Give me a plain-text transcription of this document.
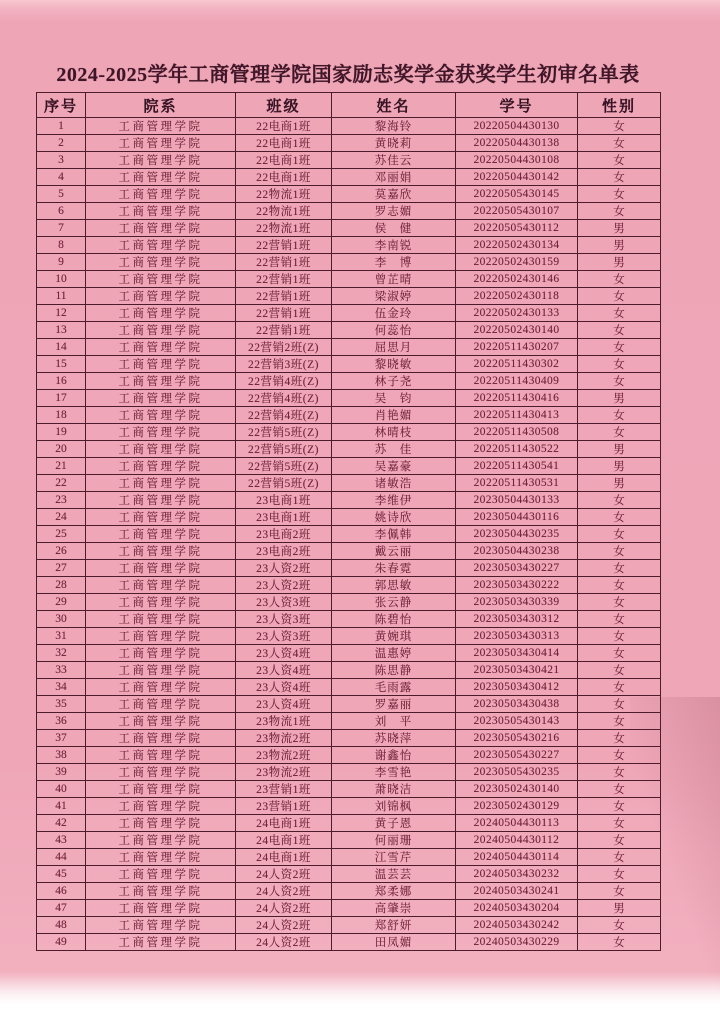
2024-2025学年工商管理学院国家励志奖学金获奖学生初审名单表
序号	院系	班级	姓名	学号	性别
1	工商管理学院	22电商1班	黎海铃	20220504430130	女
2	工商管理学院	22电商1班	黄晓莉	20220504430138	女
3	工商管理学院	22电商1班	苏佳云	20220504430108	女
4	工商管理学院	22电商1班	邓丽娟	20220504430142	女
5	工商管理学院	22物流1班	莫嘉欣	20220505430145	女
6	工商管理学院	22物流1班	罗志媚	20220505430107	女
7	工商管理学院	22物流1班	侯　健	20220505430112	男
8	工商管理学院	22营销1班	李南锐	20220502430134	男
9	工商管理学院	22营销1班	李　博	20220502430159	男
10	工商管理学院	22营销1班	曾芷晴	20220502430146	女
11	工商管理学院	22营销1班	梁淑婷	20220502430118	女
12	工商管理学院	22营销1班	伍金玲	20220502430133	女
13	工商管理学院	22营销1班	何蕊怡	20220502430140	女
14	工商管理学院	22营销2班(Z)	屈思月	20220511430207	女
15	工商管理学院	22营销3班(Z)	黎晓敏	20220511430302	女
16	工商管理学院	22营销4班(Z)	林子尧	20220511430409	女
17	工商管理学院	22营销4班(Z)	吴　钧	20220511430416	男
18	工商管理学院	22营销4班(Z)	肖艳媚	20220511430413	女
19	工商管理学院	22营销5班(Z)	林晴枝	20220511430508	女
20	工商管理学院	22营销5班(Z)	苏　佳	20220511430522	男
21	工商管理学院	22营销5班(Z)	吴嘉豪	20220511430541	男
22	工商管理学院	22营销5班(Z)	诸敏浩	20220511430531	男
23	工商管理学院	23电商1班	李维伊	20230504430133	女
24	工商管理学院	23电商1班	姚诗欣	20230504430116	女
25	工商管理学院	23电商2班	李佩韩	20230504430235	女
26	工商管理学院	23电商2班	戴云丽	20230504430238	女
27	工商管理学院	23人资2班	朱春霓	20230503430227	女
28	工商管理学院	23人资2班	郭思敏	20230503430222	女
29	工商管理学院	23人资3班	张云静	20230503430339	女
30	工商管理学院	23人资3班	陈碧怡	20230503430312	女
31	工商管理学院	23人资3班	黄婉琪	20230503430313	女
32	工商管理学院	23人资4班	温惠婷	20230503430414	女
33	工商管理学院	23人资4班	陈思静	20230503430421	女
34	工商管理学院	23人资4班	毛雨露	20230503430412	女
35	工商管理学院	23人资4班	罗嘉丽	20230503430438	女
36	工商管理学院	23物流1班	刘　平	20230505430143	女
37	工商管理学院	23物流2班	苏晓萍	20230505430216	女
38	工商管理学院	23物流2班	谢鑫怡	20230505430227	女
39	工商管理学院	23物流2班	李雪艳	20230505430235	女
40	工商管理学院	23营销1班	萧晓洁	20230502430140	女
41	工商管理学院	23营销1班	刘锦枫	20230502430129	女
42	工商管理学院	24电商1班	黄子恩	20240504430113	女
43	工商管理学院	24电商1班	何丽珊	20240504430112	女
44	工商管理学院	24电商1班	江雪芹	20240504430114	女
45	工商管理学院	24人资2班	温芸芸	20240503430232	女
46	工商管理学院	24人资2班	郑柔娜	20240503430241	女
47	工商管理学院	24人资2班	高肇崇	20240503430204	男
48	工商管理学院	24人资2班	郑舒妍	20240503430242	女
49	工商管理学院	24人资2班	田凤媚	20240503430229	女
